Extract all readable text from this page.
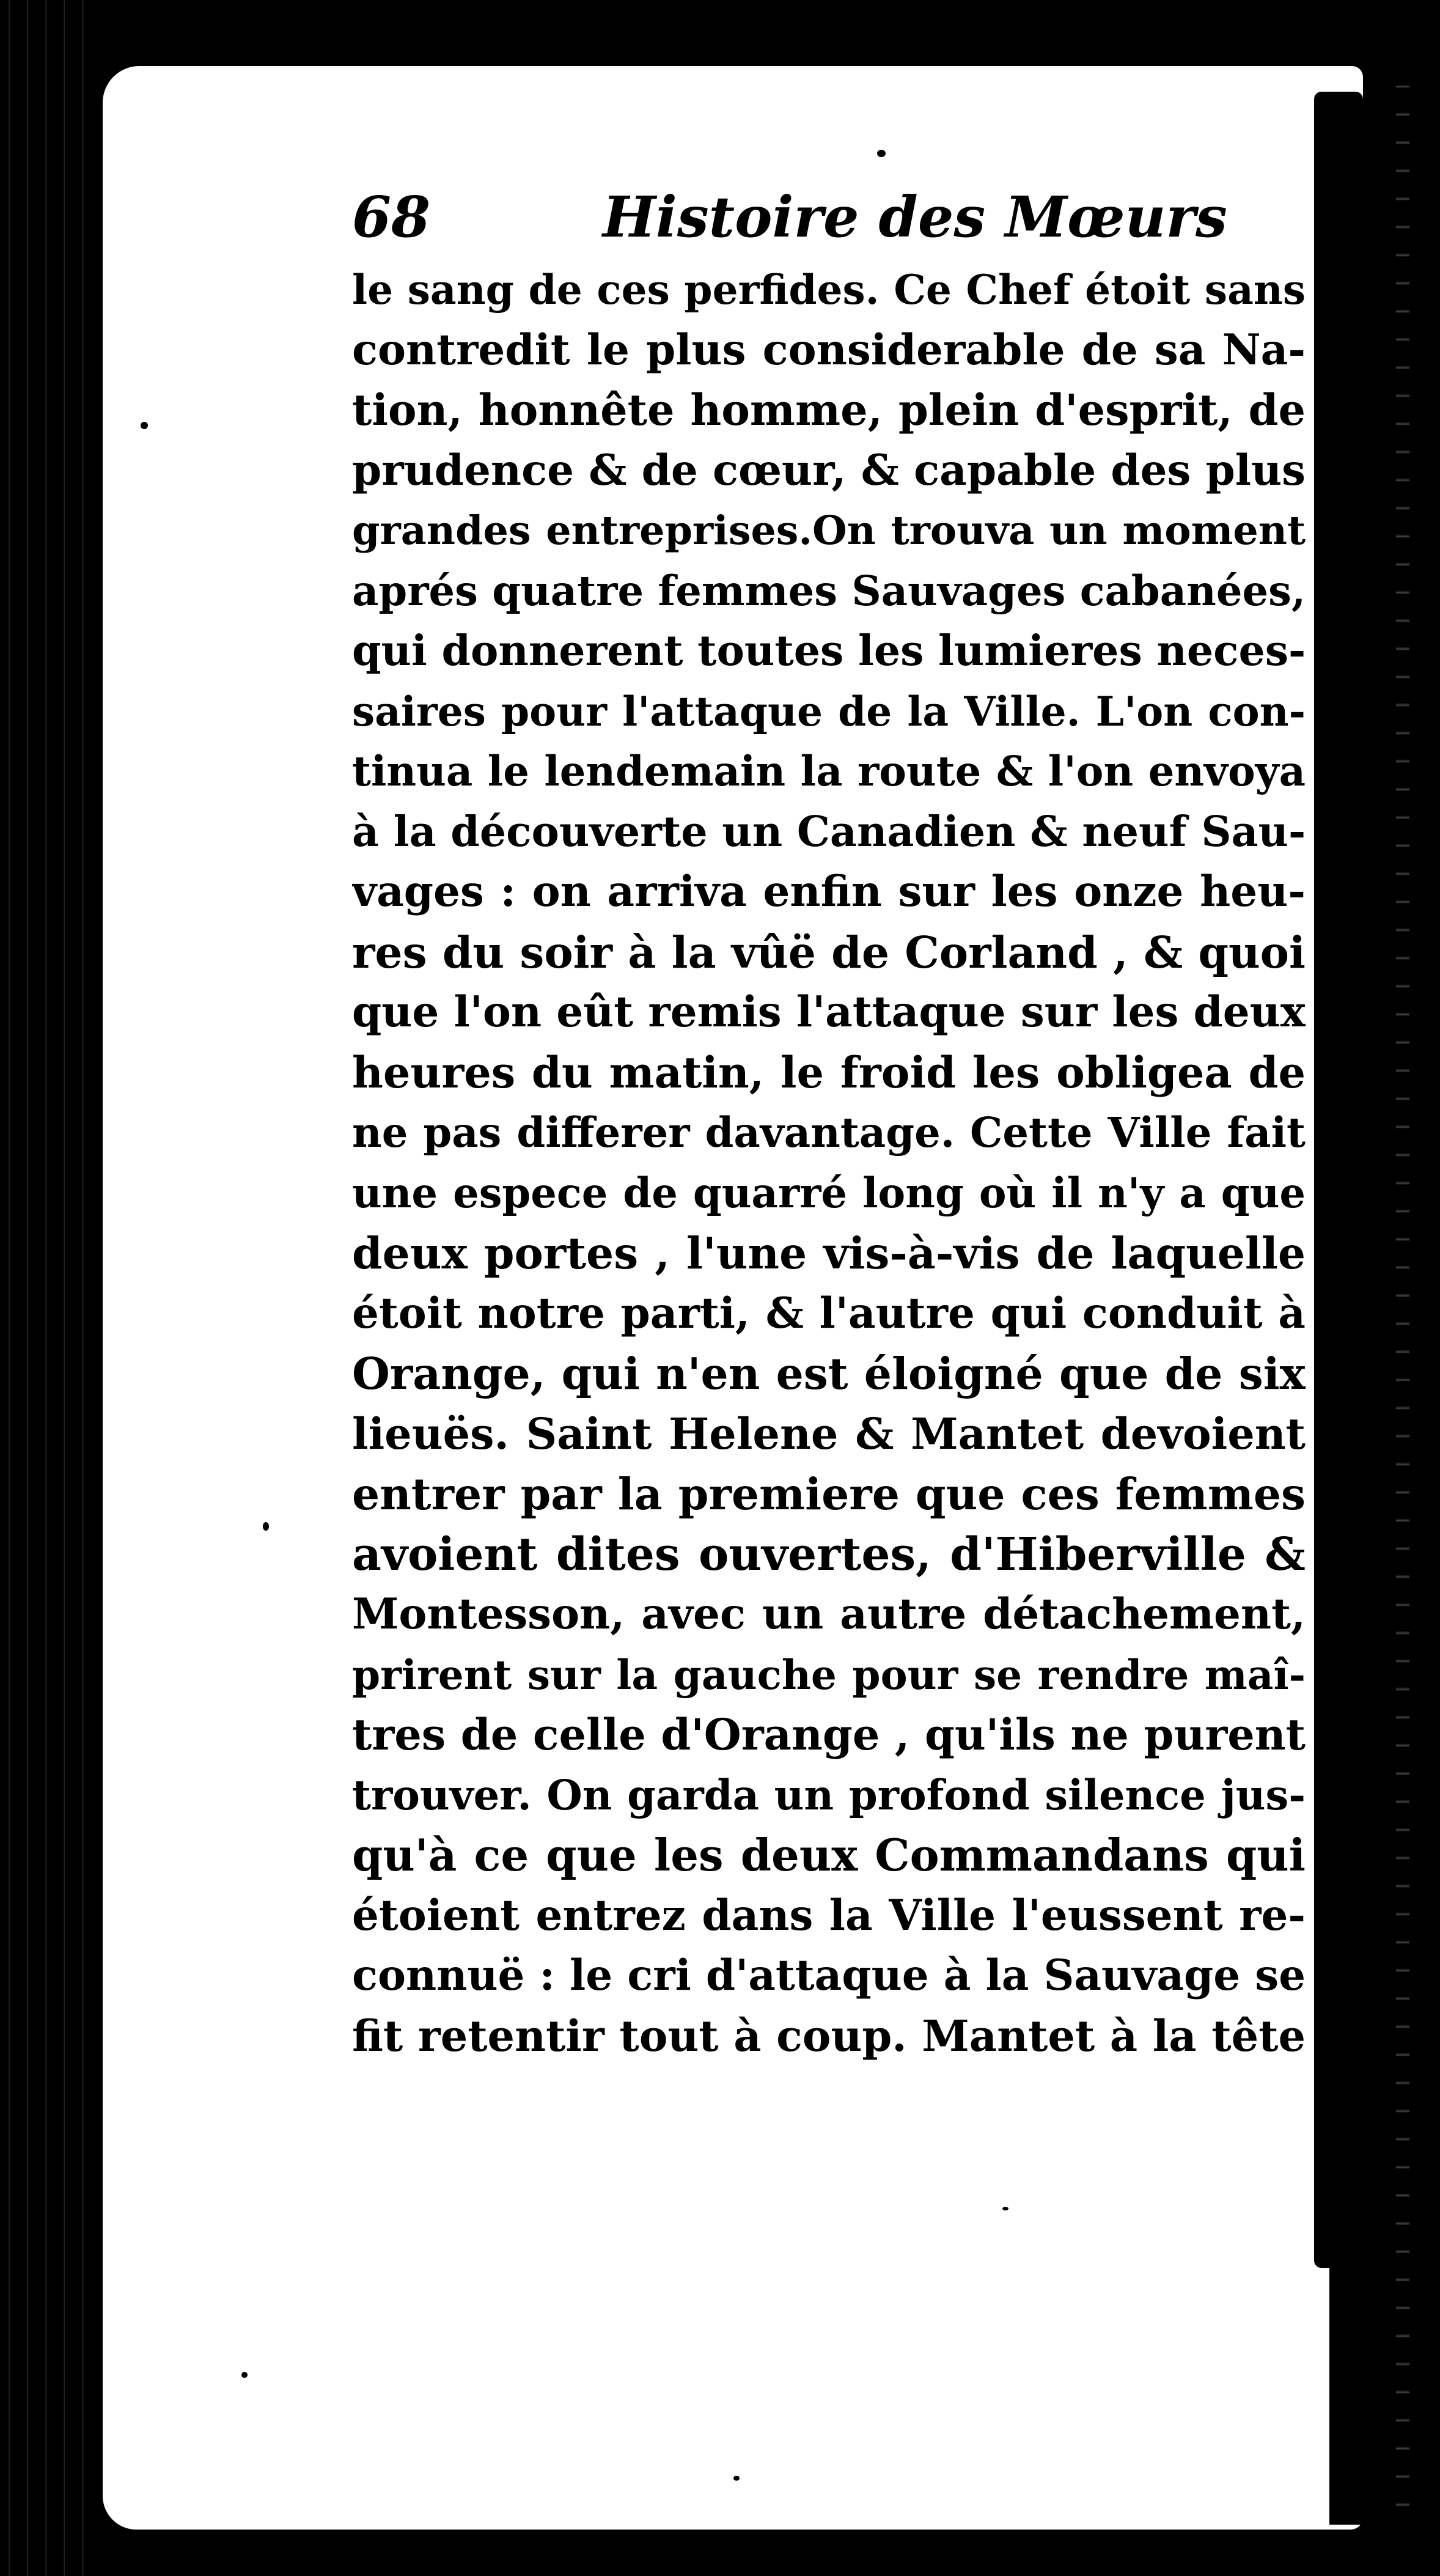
68	Histoire des Mœurs
le sang de ces perfides. Ce Chef étoit sans
contredit le plus considerable de sa Na-
tion, honnête homme, plein d'esprit, de
prudence & de cœur, & capable des plus
grandes entreprises.On trouva un moment
aprés quatre femmes Sauvages cabanées,
qui donnerent toutes les lumieres neces-
saires pour l'attaque de la Ville. L'on con-
tinua le lendemain la route & l'on envoya
à la découverte un Canadien & neuf Sau-
vages : on arriva enfin sur les onze heu-
res du soir à la vûë de Corland , & quoi
que l'on eût remis l'attaque sur les deux
heures du matin, le froid les obligea de
ne pas differer davantage. Cette Ville fait
une espece de quarré long où il n'y a que
deux portes , l'une vis-à-vis de laquelle
étoit notre parti, & l'autre qui conduit à
Orange, qui n'en est éloigné que de six
lieuës. Saint Helene & Mantet devoient
entrer par la premiere que ces femmes
avoient dites ouvertes, d'Hiberville &
Montesson, avec un autre détachement,
prirent sur la gauche pour se rendre maî-
tres de celle d'Orange , qu'ils ne purent
trouver. On garda un profond silence jus-
qu'à ce que les deux Commandans qui
étoient entrez dans la Ville l'eussent re-
connuë : le cri d'attaque à la Sauvage se
fit retentir tout à coup. Mantet à la tête
